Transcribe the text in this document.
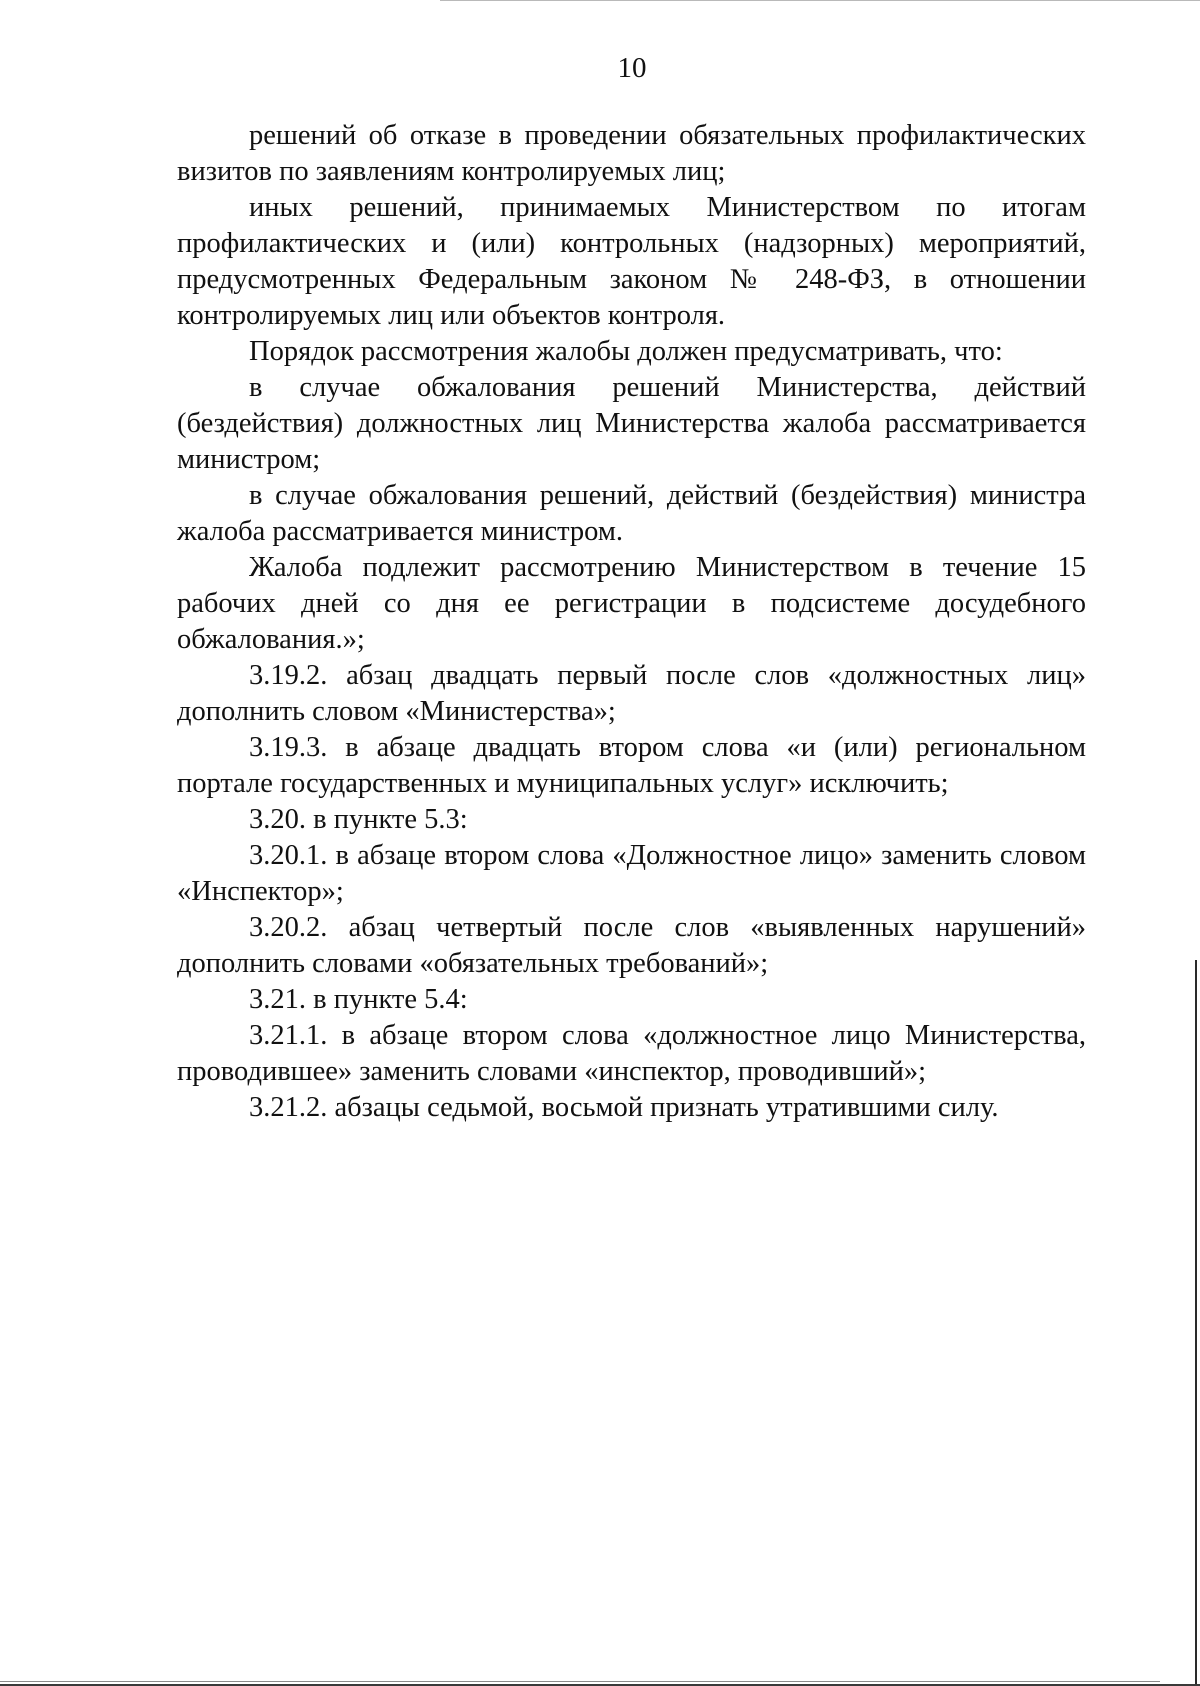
10

решений об отказе в проведении обязательных профилактических визитов по заявлениям контролируемых лиц;

иных решений, принимаемых Министерством по итогам профилактических и (или) контрольных (надзорных) мероприятий, предусмотренных Федеральным законом № 248-ФЗ, в отношении контролируемых лиц или объектов контроля.

Порядок рассмотрения жалобы должен предусматривать, что:

в случае обжалования решений Министерства, действий (бездействия) должностных лиц Министерства жалоба рассматривается министром;

в случае обжалования решений, действий (бездействия) министра жалоба рассматривается министром.

Жалоба подлежит рассмотрению Министерством в течение 15 рабочих дней со дня ее регистрации в подсистеме досудебного обжалования.»;

3.19.2. абзац двадцать первый после слов «должностных лиц» дополнить словом «Министерства»;

3.19.3. в абзаце двадцать втором слова «и (или) региональном портале государственных и муниципальных услуг» исключить;

3.20. в пункте 5.3:

3.20.1. в абзаце втором слова «Должностное лицо» заменить словом «Инспектор»;

3.20.2. абзац четвертый после слов «выявленных нарушений» дополнить словами «обязательных требований»;

3.21. в пункте 5.4:

3.21.1. в абзаце втором слова «должностное лицо Министерства, проводившее» заменить словами «инспектор, проводивший»;

3.21.2. абзацы седьмой, восьмой признать утратившими силу.
